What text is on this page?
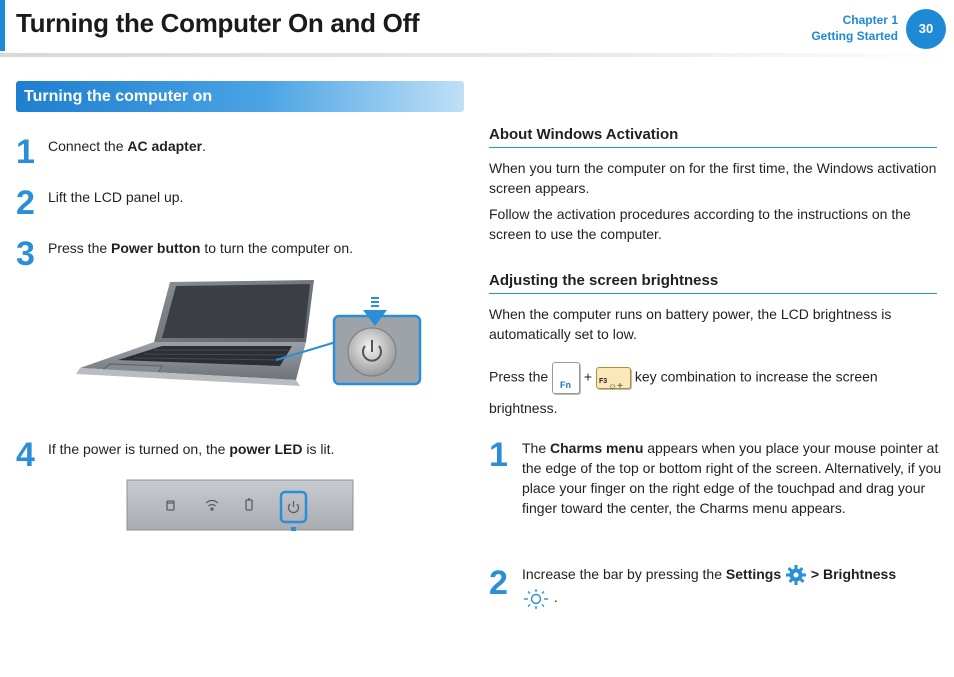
Turning the Computer On and Off	Chapter 1
Getting Started	30
Turning the computer on
1 Connect the AC adapter.
2 Lift the LCD panel up.
3 Press the Power button to turn the computer on.
4 If the power is turned on, the power LED is lit.
About Windows Activation

When you turn the computer on for the first time, the Windows activation screen appears.

Follow the activation procedures according to the instructions on the screen to use the computer.

Adjusting the screen brightness

When the computer runs on battery power, the LCD brightness is automatically set to low.

Press the
Fn
+ F3 ☼+
key combination to increase the screen brightness.
1 The Charms menu appears when you place your mouse pointer at the edge of the top or bottom right of the screen. Alternatively, if you place your finger on the right edge of the touchpad and drag your finger toward the center, the Charms menu appears.
2 Increase the bar by pressing the Settings  > Brightness
.
